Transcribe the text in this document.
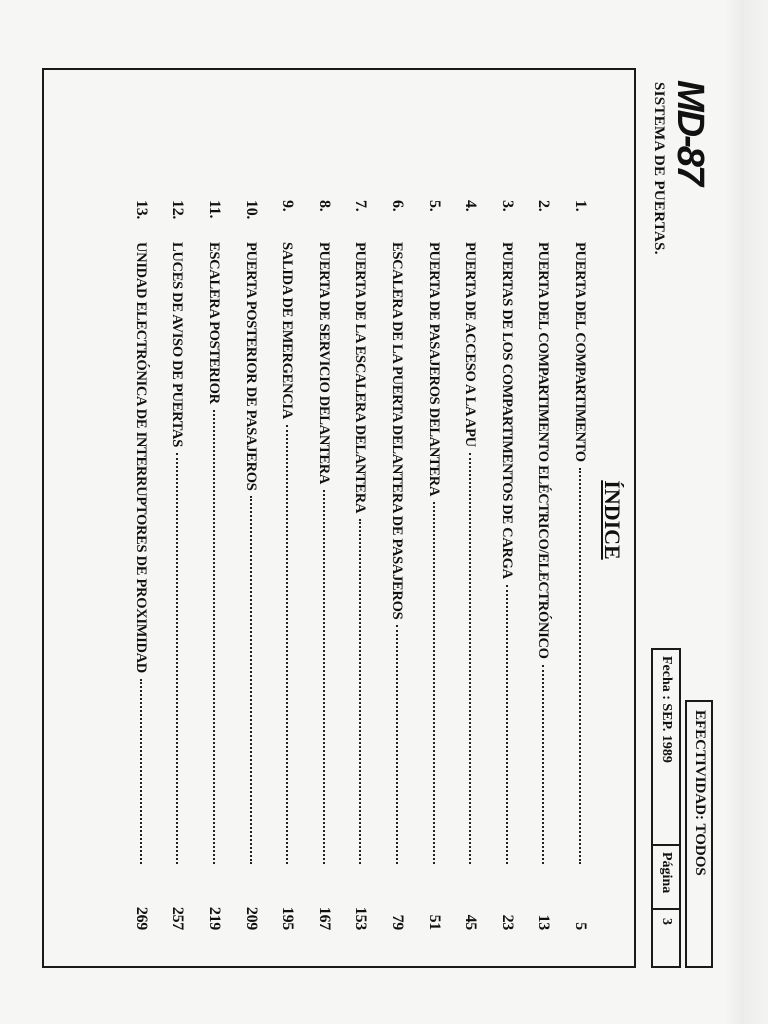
MD-87
SISTEMA DE PUERTAS.
EFECTIVIDAD: TODOS
Fecha : SEP. 1989
Página
3
ÍNDICE
1.
PUERTA DEL COMPARTIMENTO
5
2.
PUERTA DEL COMPARTIMENTO ELÉCTRICO/ELECTRÓNICO
13
3.
PUERTAS DE LOS COMPARTIMENTOS DE CARGA
23
4.
PUERTA DE ACCESO A LA APU
45
5.
PUERTA DE PASAJEROS DELANTERA
51
6.
ESCALERA DE LA PUERTA DELANTERA DE PASAJEROS
79
7.
PUERTA DE LA ESCALERA DELANTERA
153
8.
PUERTA DE SERVICIO DELANTERA
167
9.
SALIDA DE EMERGENCIA
195
10.
PUERTA POSTERIOR DE PASAJEROS
209
11.
ESCALERA POSTERIOR
219
12.
LUCES DE AVISO DE PUERTAS
257
13.
UNIDAD ELECTRÓNICA DE INTERRUPTORES DE PROXIMIDAD
269
